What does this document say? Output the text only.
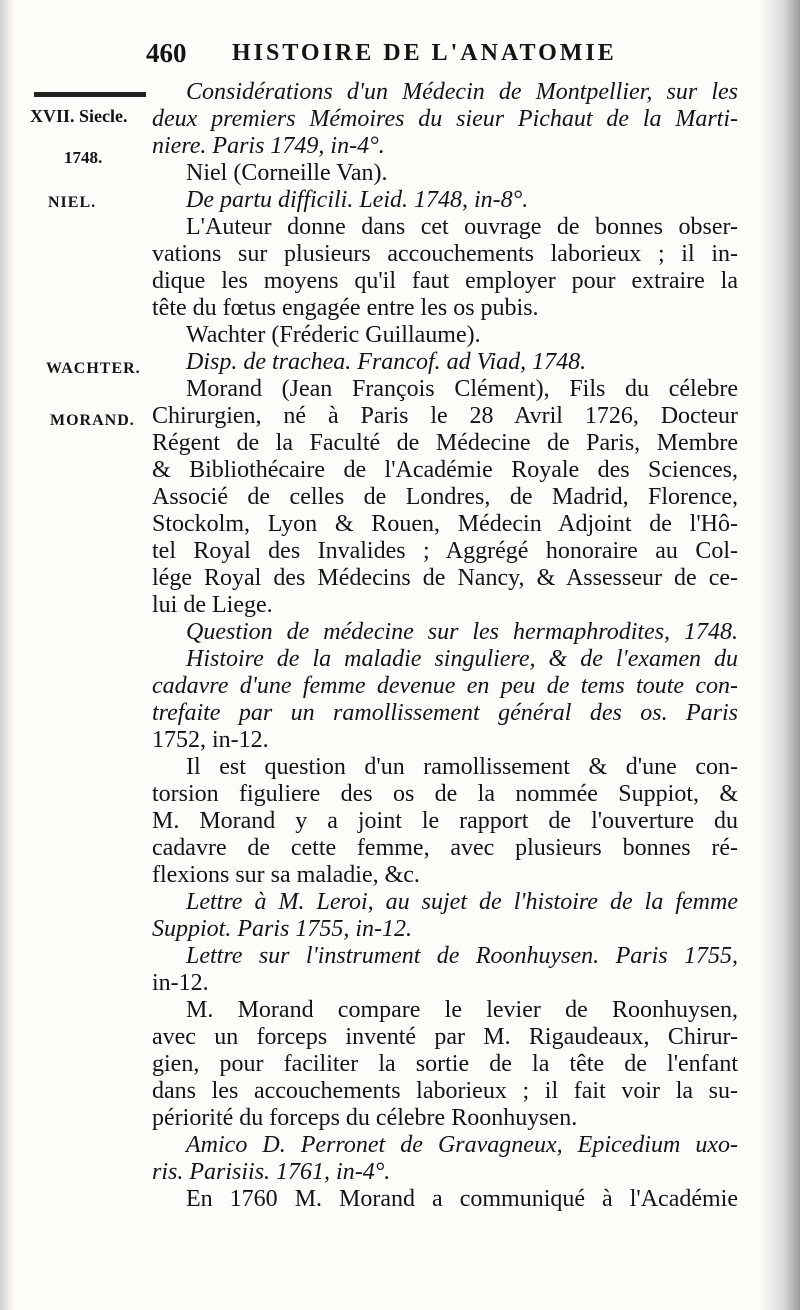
460 HISTOIRE DE L'ANATOMIE
XVII. Siecle.
1748.
NIEL.
WACHTER.
MORAND.
Considérations d'un Médecin de Montpellier, sur les
deux premiers Mémoires du sieur Pichaut de la Marti-
niere. Paris 1749, in-4°.
Niel (Corneille Van).
De partu difficili. Leid. 1748, in-8°.
L'Auteur donne dans cet ouvrage de bonnes obser-
vations sur plusieurs accouchements laborieux ; il in-
dique les moyens qu'il faut employer pour extraire la
tête du fœtus engagée entre les os pubis.
Wachter (Fréderic Guillaume).
Disp. de trachea. Francof. ad Viad, 1748.
Morand (Jean François Clément), Fils du célebre
Chirurgien, né à Paris le 28 Avril 1726, Docteur
Régent de la Faculté de Médecine de Paris, Membre
& Bibliothécaire de l'Académie Royale des Sciences,
Associé de celles de Londres, de Madrid, Florence,
Stockolm, Lyon & Rouen, Médecin Adjoint de l'Hô-
tel Royal des Invalides ; Aggrégé honoraire au Col-
lége Royal des Médecins de Nancy, & Assesseur de ce-
lui de Liege.
Question de médecine sur les hermaphrodites, 1748.
Histoire de la maladie singuliere, & de l'examen du
cadavre d'une femme devenue en peu de tems toute con-
trefaite par un ramollissement général des os. Paris
1752, in-12.
Il est question d'un ramollissement & d'une con-
torsion figuliere des os de la nommée Suppiot, &
M. Morand y a joint le rapport de l'ouverture du
cadavre de cette femme, avec plusieurs bonnes ré-
flexions sur sa maladie, &c.
Lettre à M. Leroi, au sujet de l'histoire de la femme
Suppiot. Paris 1755, in-12.
Lettre sur l'instrument de Roonhuysen. Paris 1755,
in-12.
M. Morand compare le levier de Roonhuysen,
avec un forceps inventé par M. Rigaudeaux, Chirur-
gien, pour faciliter la sortie de la tête de l'enfant
dans les accouchements laborieux ; il fait voir la su-
périorité du forceps du célebre Roonhuysen.
Amico D. Perronet de Gravagneux, Epicedium uxo-
ris. Parisiis. 1761, in-4°.
En 1760 M. Morand a communiqué à l'Académie
